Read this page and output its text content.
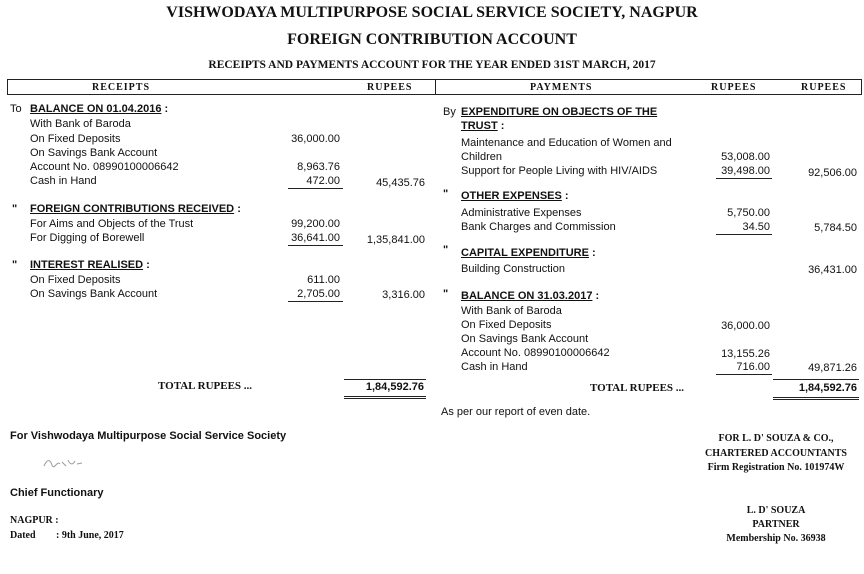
VISHWODAYA MULTIPURPOSE SOCIAL SERVICE SOCIETY, NAGPUR
FOREIGN CONTRIBUTION ACCOUNT
RECEIPTS AND PAYMENTS ACCOUNT FOR THE YEAR ENDED 31ST MARCH, 2017
RECEIPTS	RUPEES	PAYMENTS	RUPEES	RUPEES
To BALANCE ON 01.04.2016 :
With Bank of Baroda
On Fixed Deposits	36,000.00
On Savings Bank Account
Account No. 08990100006642	8,963.76
Cash in Hand	472.00	45,435.76
" FOREIGN CONTRIBUTIONS RECEIVED :
For Aims and Objects of the Trust	99,200.00
For Digging of Borewell	36,641.00	1,35,841.00
" INTEREST REALISED :
On Fixed Deposits	611.00
On Savings Bank Account	2,705.00	3,316.00
TOTAL RUPEES ...	1,84,592.76
By EXPENDITURE ON OBJECTS OF THE
TRUST :
Maintenance and Education of Women and
Children	53,008.00
Support for People Living with HIV/AIDS	39,498.00	92,506.00
" OTHER EXPENSES :
Administrative Expenses	5,750.00
Bank Charges and Commission	34.50	5,784.50
" CAPITAL EXPENDITURE :
Building Construction	36,431.00
" BALANCE ON 31.03.2017 :
With Bank of Baroda
On Fixed Deposits	36,000.00
On Savings Bank Account
Account No. 08990100006642	13,155.26
Cash in Hand	716.00	49,871.26
TOTAL RUPEES ...	1,84,592.76
As per our report of even date.
For Vishwodaya Multipurpose Social Service Society
Chief Functionary
NAGPUR :
Dated : 9th June, 2017
FOR L. D' SOUZA & CO.,
CHARTERED ACCOUNTANTS
Firm Registration No. 101974W
L. D' SOUZA
PARTNER
Membership No. 36938
